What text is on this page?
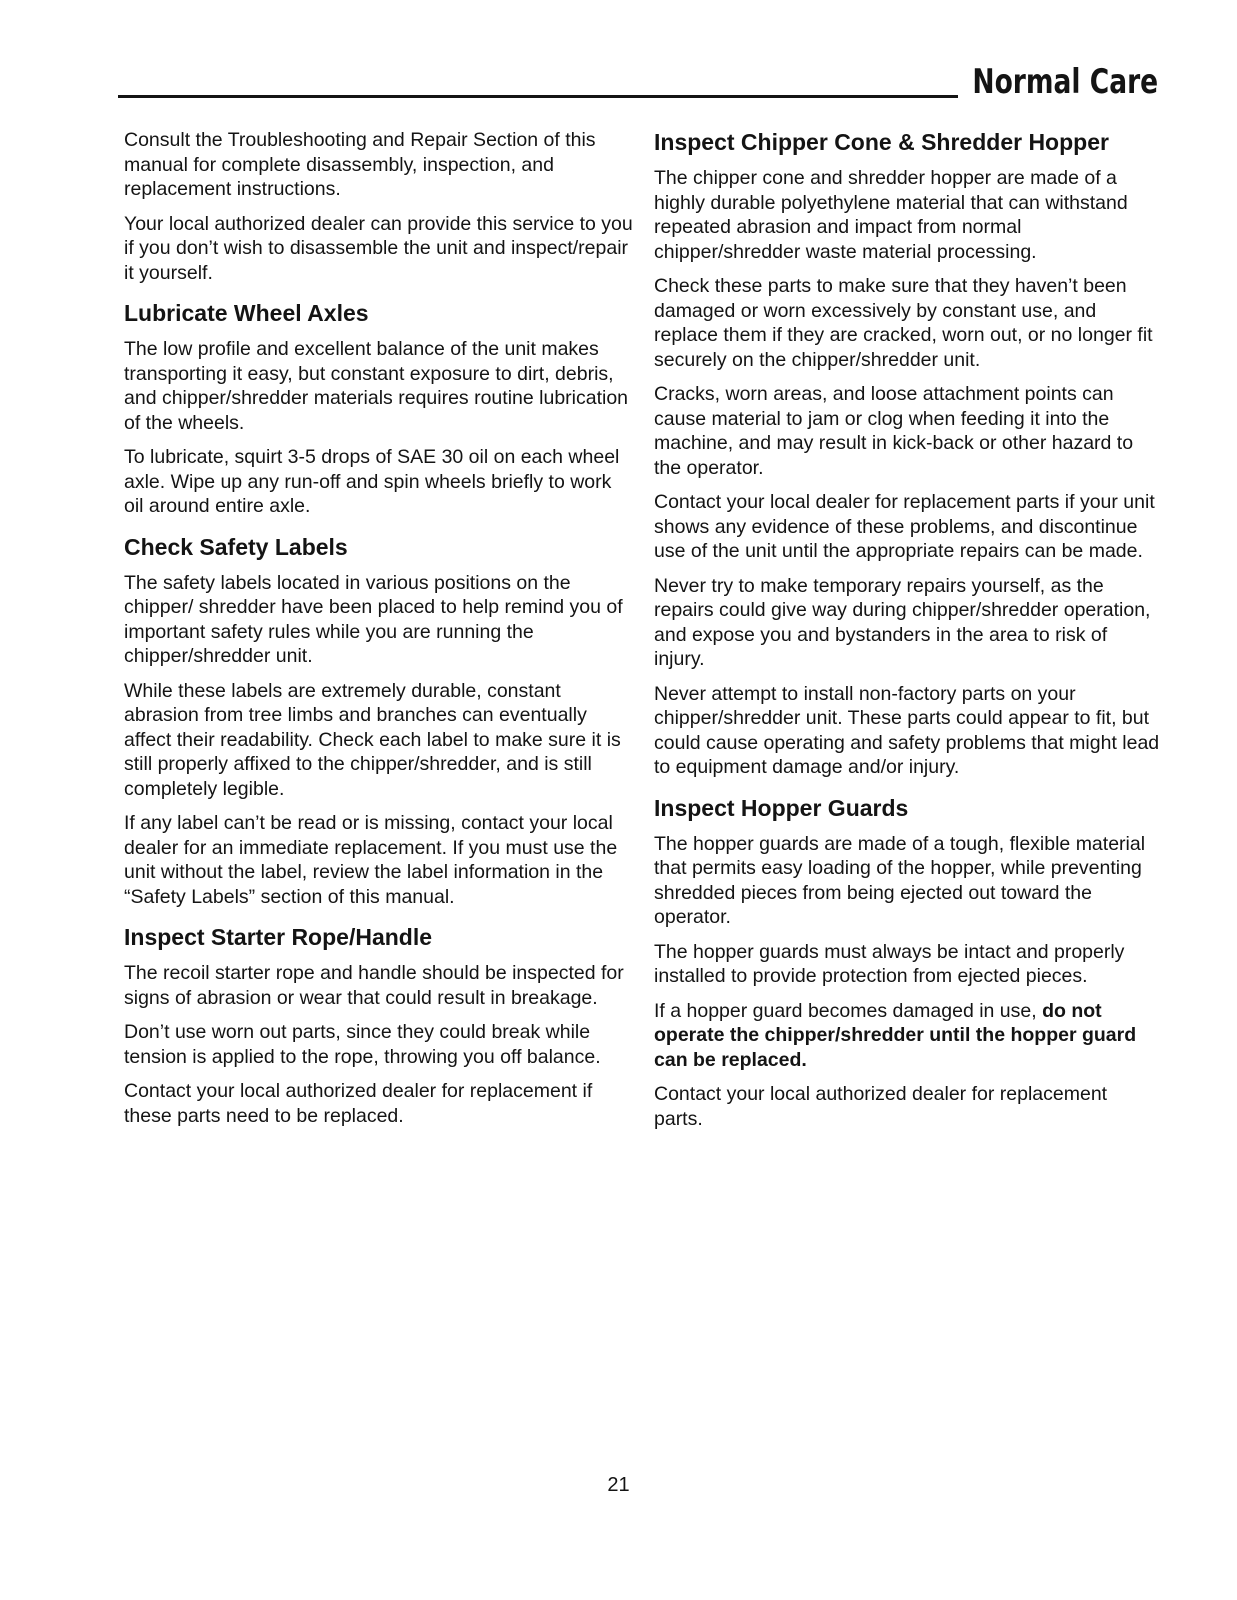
Normal Care

Consult the Troubleshooting and Repair Section of this manual for complete disassembly, inspection, and replacement instructions.

Your local authorized dealer can provide this service to you if you don’t wish to disassemble the unit and inspect/repair it yourself.

Lubricate Wheel Axles

The low profile and excellent balance of the unit makes transporting it easy, but constant exposure to dirt, debris, and chipper/shredder materials requires routine lubrication of the wheels.

To lubricate, squirt 3-5 drops of SAE 30 oil on each wheel axle. Wipe up any run-off and spin wheels briefly to work oil around entire axle.

Check Safety Labels

The safety labels located in various positions on the chipper/ shredder have been placed to help remind you of important safety rules while you are running the chipper/shredder unit.

While these labels are extremely durable, constant abrasion from tree limbs and branches can eventually affect their readability. Check each label to make sure it is still properly affixed to the chipper/shredder, and is still completely legible.

If any label can’t be read or is missing, contact your local dealer for an immediate replacement. If you must use the unit without the label, review the label information in the “Safety Labels” section of this manual.

Inspect Starter Rope/Handle

The recoil starter rope and handle should be inspected for signs of abrasion or wear that could result in breakage.

Don’t use worn out parts, since they could break while tension is applied to the rope, throwing you off balance.

Contact your local authorized dealer for replacement if these parts need to be replaced.

Inspect Chipper Cone & Shredder Hopper

The chipper cone and shredder hopper are made of a highly durable polyethylene material that can withstand repeated abrasion and impact from normal chipper/shredder waste material processing.

Check these parts to make sure that they haven’t been damaged or worn excessively by constant use, and replace them if they are cracked, worn out, or no longer fit securely on the chipper/shredder unit.

Cracks, worn areas, and loose attachment points can cause material to jam or clog when feeding it into the machine, and may result in kick-back or other hazard to the operator.

Contact your local dealer for replacement parts if your unit shows any evidence of these problems, and discontinue use of the unit until the appropriate repairs can be made.

Never try to make temporary repairs yourself, as the repairs could give way during chipper/shredder operation, and expose you and bystanders in the area to risk of injury.

Never attempt to install non-factory parts on your chipper/shredder unit. These parts could appear to fit, but could cause operating and safety problems that might lead to equipment damage and/or injury.

Inspect Hopper Guards

The hopper guards are made of a tough, flexible material that permits easy loading of the hopper, while preventing shredded pieces from being ejected out toward the operator.

The hopper guards must always be intact and properly installed to provide protection from ejected pieces.

If a hopper guard becomes damaged in use, do not operate the chipper/shredder until the hopper guard can be replaced.

Contact your local authorized dealer for replacement parts.

21
